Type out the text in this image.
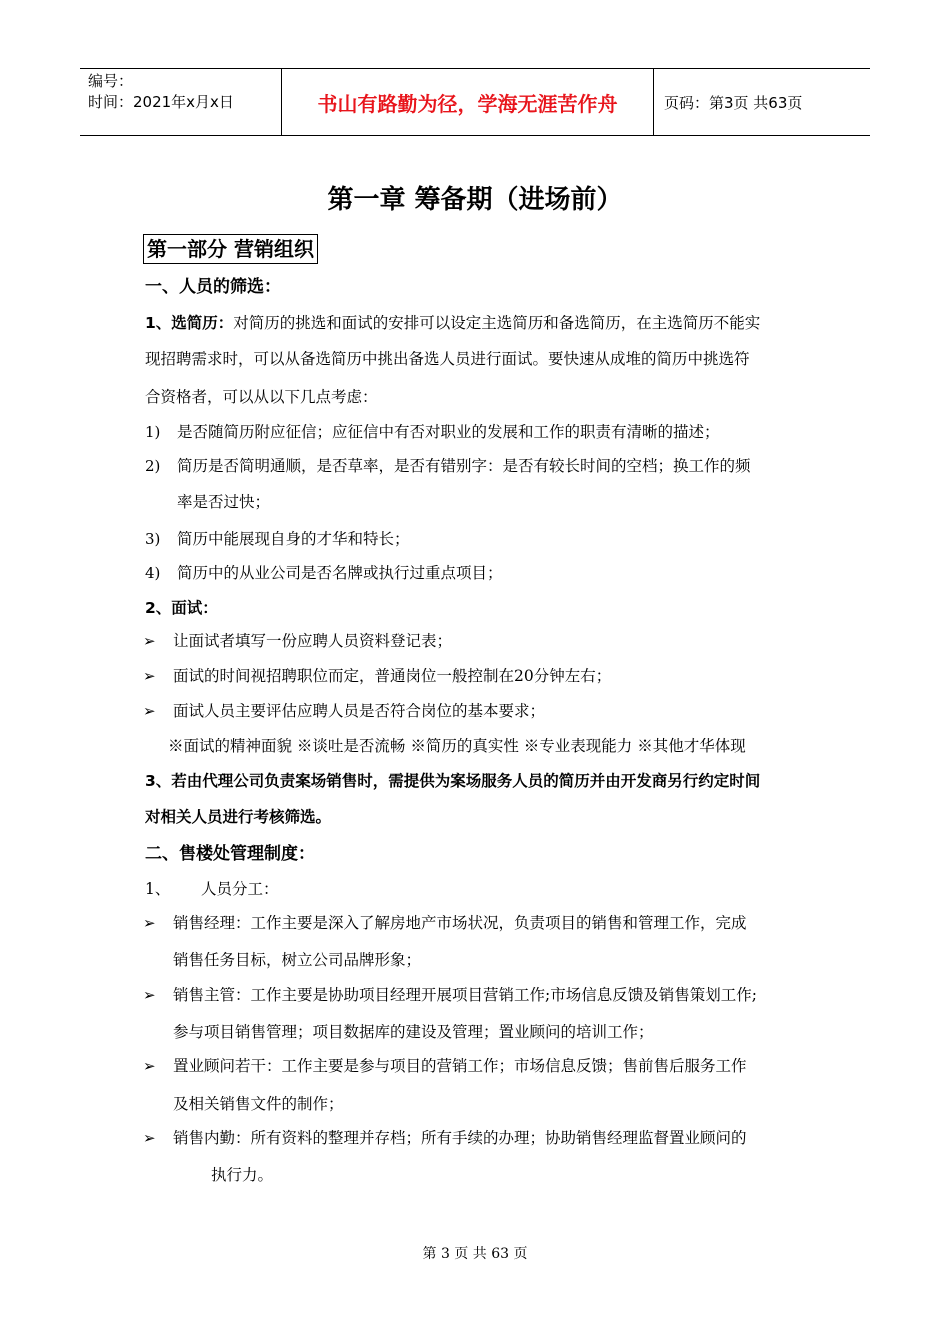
编号：
时间：2021年x月x日	书山有路勤为径，学海无涯苦作舟	页码：第3页 共63页
第一章 筹备期（进场前）
第一部分 营销组织
一、人员的筛选：
1、选简历：对简历的挑选和面试的安排可以设定主选简历和备选简历，在主选简历不能实
现招聘需求时，可以从备选简历中挑出备选人员进行面试。要快速从成堆的简历中挑选符
合资格者，可以从以下几点考虑：
1) 是否随简历附应征信；应征信中有否对职业的发展和工作的职责有清晰的描述；
2) 简历是否简明通顺，是否草率，是否有错别字：是否有较长时间的空档；换工作的频
率是否过快；
3) 简历中能展现自身的才华和特长；
4) 简历中的从业公司是否名牌或执行过重点项目；
2、面试：
➢ 让面试者填写一份应聘人员资料登记表；
➢ 面试的时间视招聘职位而定，普通岗位一般控制在20分钟左右；
➢ 面试人员主要评估应聘人员是否符合岗位的基本要求；
※面试的精神面貌 ※谈吐是否流畅 ※简历的真实性 ※专业表现能力 ※其他才华体现
3、若由代理公司负责案场销售时，需提供为案场服务人员的简历并由开发商另行约定时间
对相关人员进行考核筛选。
二、售楼处管理制度：
1、 人员分工：
➢ 销售经理：工作主要是深入了解房地产市场状况，负责项目的销售和管理工作，完成
销售任务目标，树立公司品牌形象；
➢ 销售主管：工作主要是协助项目经理开展项目营销工作;市场信息反馈及销售策划工作;
参与项目销售管理；项目数据库的建设及管理；置业顾问的培训工作；
➢ 置业顾问若干：工作主要是参与项目的营销工作；市场信息反馈；售前售后服务工作
及相关销售文件的制作；
➢ 销售内勤：所有资料的整理并存档；所有手续的办理；协助销售经理监督置业顾问的
执行力。
第 3 页 共 63 页
